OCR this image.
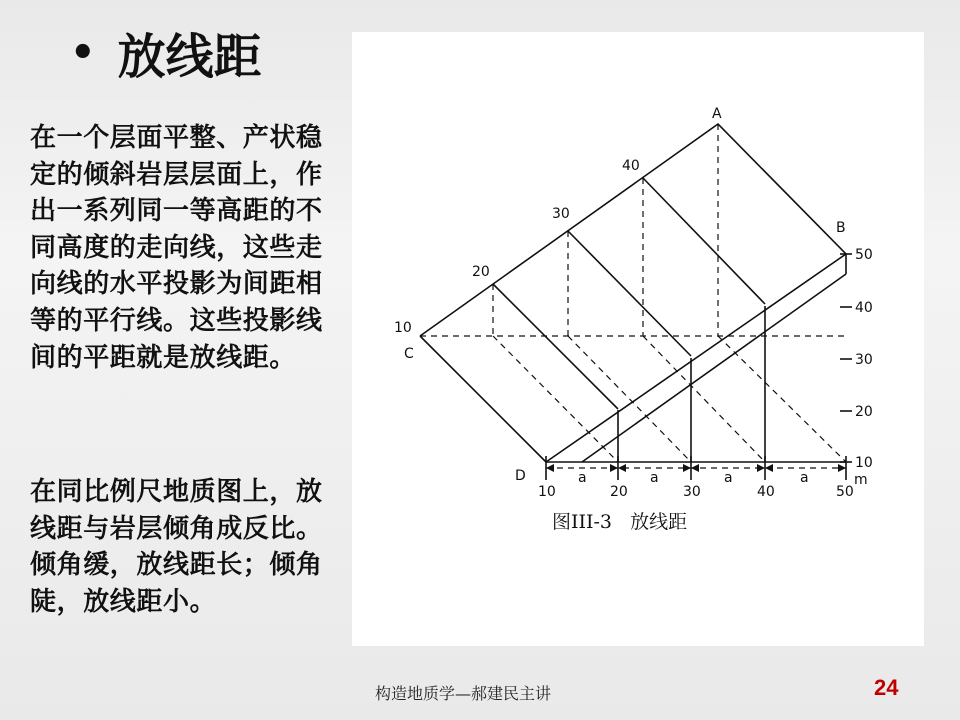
• 放线距
在一个层面平整、产状稳定的倾斜岩层层面上，作出一系列同一等高距的不同高度的走向线，这些走向线的水平投影为间距相等的平行线。这些投影线间的平距就是放线距。
在同比例尺地质图上，放线距与岩层倾角成反比。倾角缓，放线距长；倾角陡，放线距小。
A
B
C
D
10
20
30
40
50
40
30
20
10
10	20	30	40	50
m
a	a	a	a
图III-3   放线距
构造地质学—郝建民主讲	24
